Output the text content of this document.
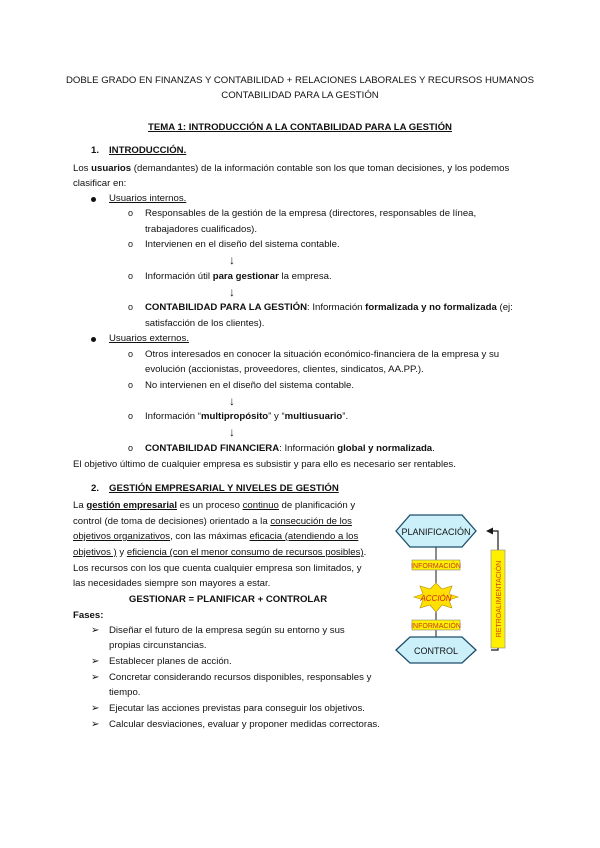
DOBLE GRADO EN FINANZAS Y CONTABILIDAD + RELACIONES LABORALES Y RECURSOS HUMANOS
CONTABILIDAD PARA LA GESTIÓN
TEMA 1: INTRODUCCIÓN A LA CONTABILIDAD PARA LA GESTIÓN
1. INTRODUCCIÓN.
Los usuarios (demandantes) de la información contable son los que toman decisiones, y los podemos
clasificar en:
Usuarios internos.
o Responsables de la gestión de la empresa (directores, responsables de línea,
trabajadores cualificados).
o Intervienen en el diseño del sistema contable.
↓
o Información útil para gestionar la empresa.
↓
o CONTABILIDAD PARA LA GESTIÓN: Información formalizada y no formalizada (ej:
satisfacción de los clientes).
Usuarios externos.
o Otros interesados en conocer la situación económico-financiera de la empresa y su
evolución (accionistas, proveedores, clientes, sindicatos, AA.PP.).
o No intervienen en el diseño del sistema contable.
↓
o Información “multipropósito” y “multiusuario”.
↓
o CONTABILIDAD FINANCIERA: Información global y normalizada.
El objetivo último de cualquier empresa es subsistir y para ello es necesario ser rentables.
2. GESTIÓN EMPRESARIAL Y NIVELES DE GESTIÓN
La gestión empresarial es un proceso continuo de planificación y
control (de toma de decisiones) orientado a la consecución de los
objetivos organizativos, con las máximas eficacia (atendiendo a los
objetivos ) y eficiencia (con el menor consumo de recursos posibles).
Los recursos con los que cuenta cualquier empresa son limitados, y
las necesidades siempre son mayores a estar.
GESTIONAR = PLANIFICAR + CONTROLAR
Fases:
➢ Diseñar el futuro de la empresa según su entorno y sus
propias circunstancias.
➢ Establecer planes de acción.
➢ Concretar considerando recursos disponibles, responsables y
tiempo.
➢ Ejecutar las acciones previstas para conseguir los objetivos.
➢ Calcular desviaciones, evaluar y proponer medidas correctoras.
PLANIFICACIÓN
INFORMACIÓN
ACCIÓN
INFORMACIÓN
CONTROL
RETROALIMENTACIÓN
